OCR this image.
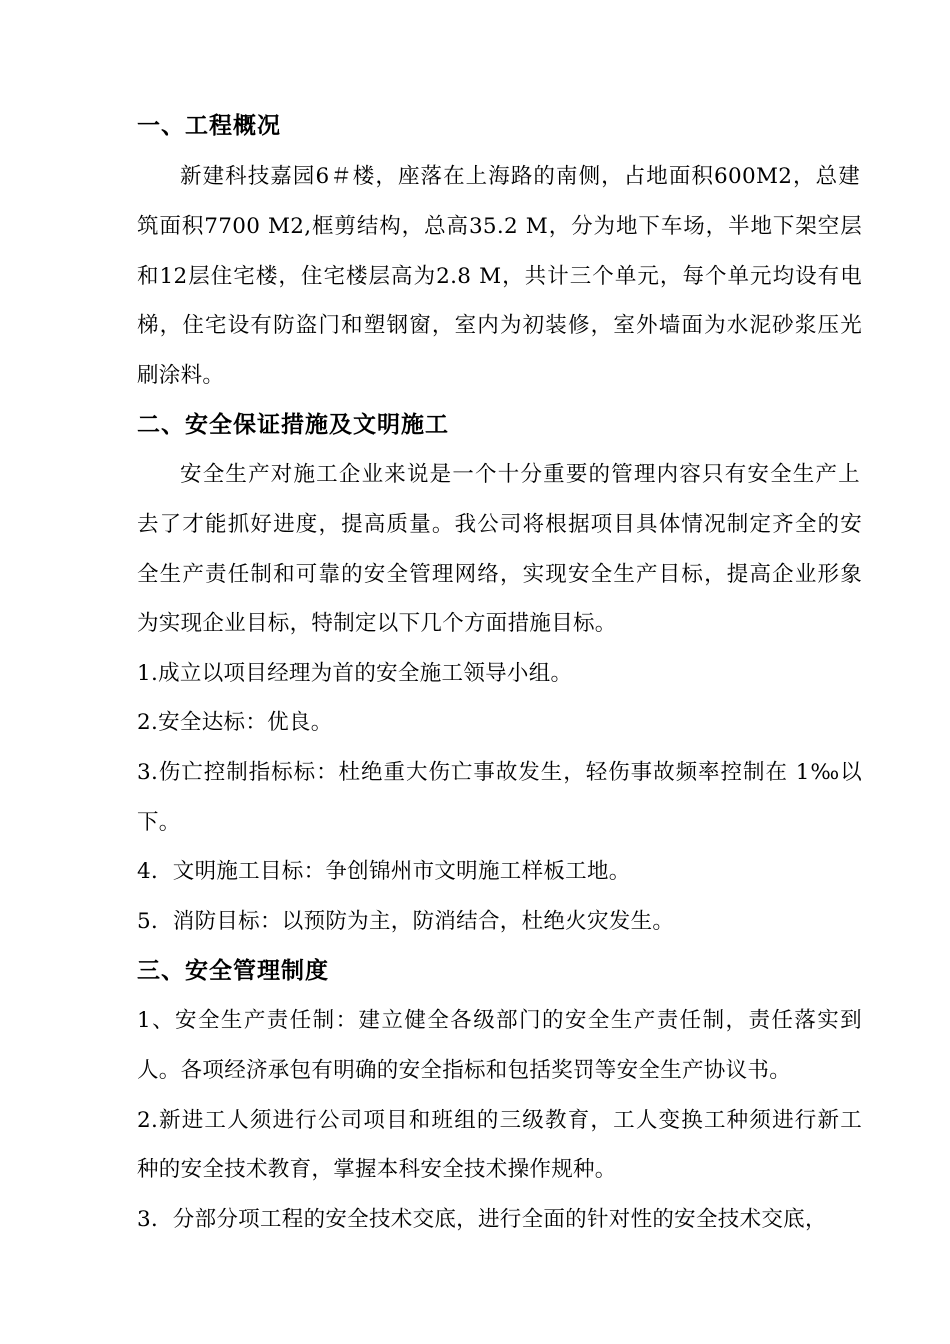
一、工程概况
新建科技嘉园6＃楼，座落在上海路的南侧，占地面积600M2，总建
筑面积7700 M2,框剪结构，总高35.2 M，分为地下车场，半地下架空层
和12层住宅楼，住宅楼层高为2.8 M，共计三个单元，每个单元均设有电
梯，住宅设有防盗门和塑钢窗，室内为初装修，室外墙面为水泥砂浆压光
刷涂料。
二、安全保证措施及文明施工
安全生产对施工企业来说是一个十分重要的管理内容只有安全生产上
去了才能抓好进度，提高质量。我公司将根据项目具体情况制定齐全的安
全生产责任制和可靠的安全管理网络，实现安全生产目标，提高企业形象
为实现企业目标，特制定以下几个方面措施目标。
1.成立以项目经理为首的安全施工领导小组。
2.安全达标：优良。
3.伤亡控制指标标：杜绝重大伤亡事故发生，轻伤事故频率控制在 1‰以
下。
4．文明施工目标：争创锦州市文明施工样板工地。
5．消防目标：以预防为主，防消结合，杜绝火灾发生。
三、安全管理制度
1、安全生产责任制：建立健全各级部门的安全生产责任制，责任落实到
人。各项经济承包有明确的安全指标和包括奖罚等安全生产协议书。
2.新进工人须进行公司项目和班组的三级教育，工人变换工种须进行新工
种的安全技术教育，掌握本科安全技术操作规种。
3．分部分项工程的安全技术交底，进行全面的针对性的安全技术交底，
